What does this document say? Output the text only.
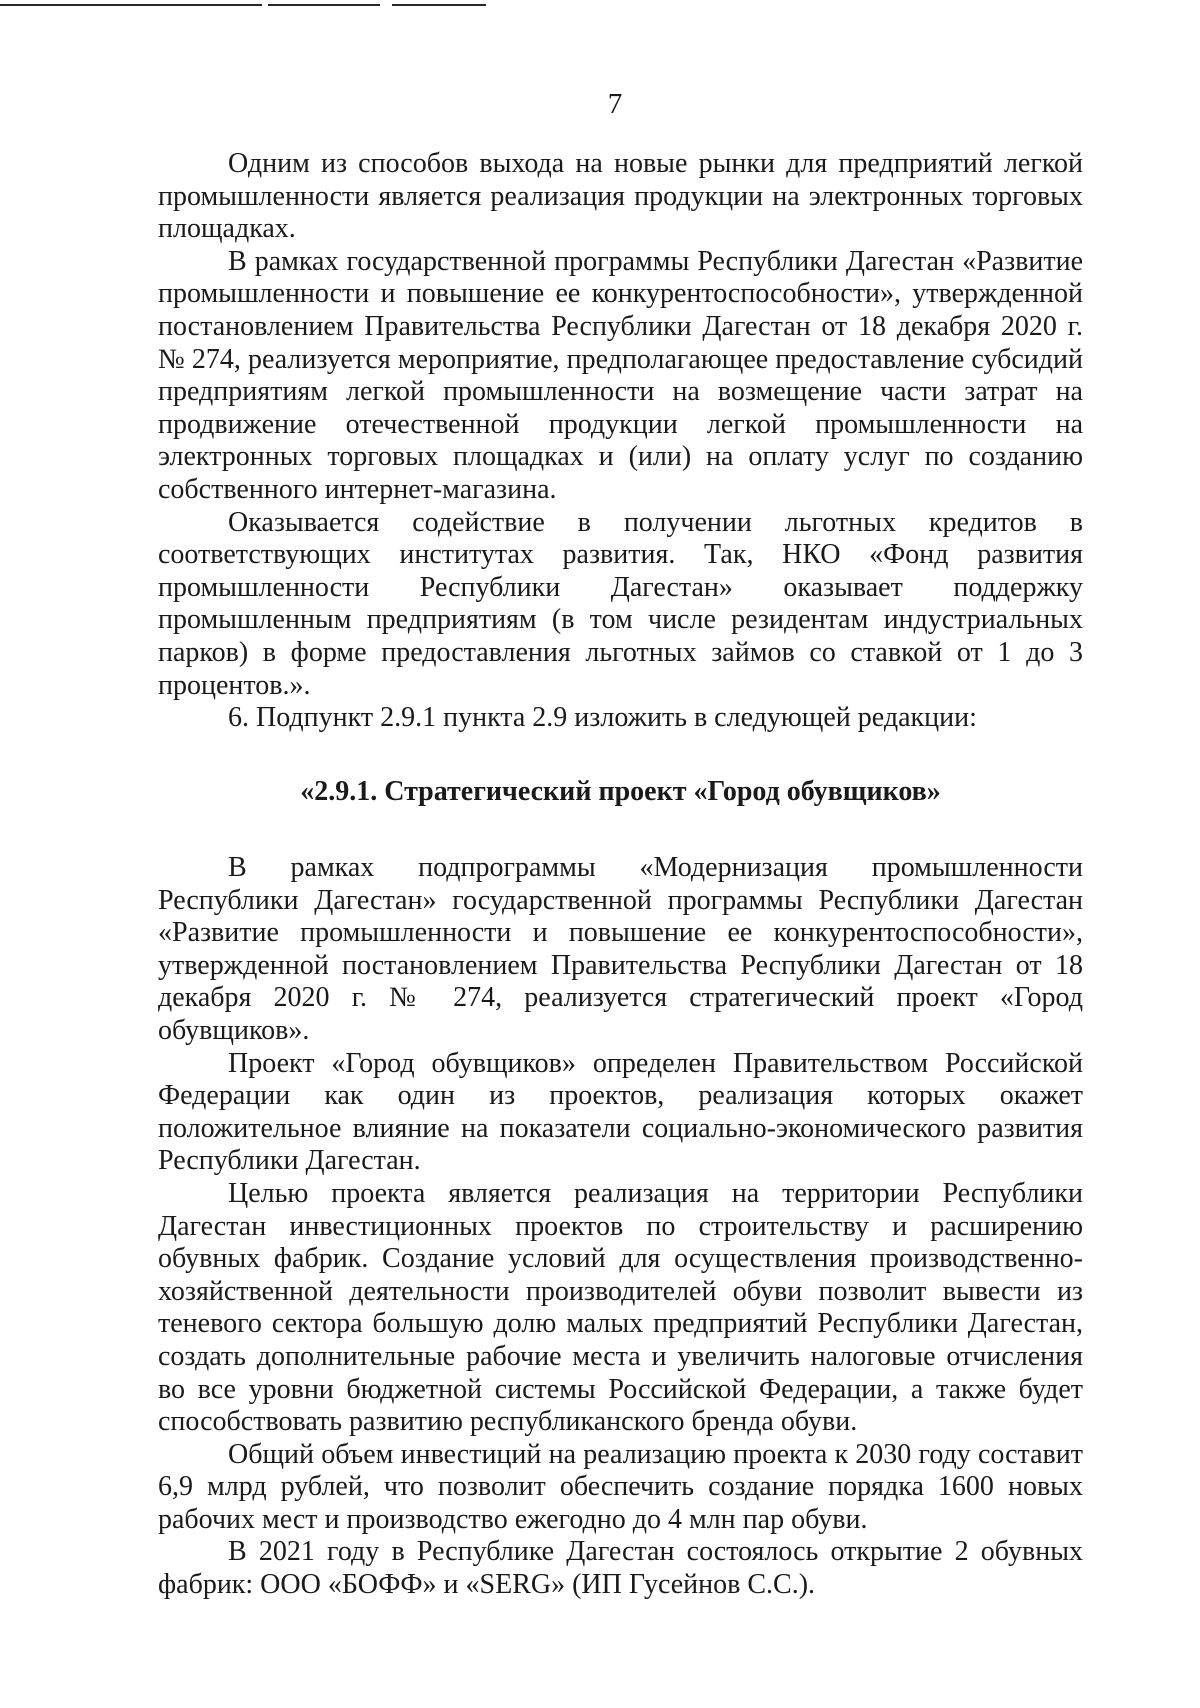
7

Одним из способов выхода на новые рынки для предприятий легкой промышленности является реализация продукции на электронных торговых площадках.

В рамках государственной программы Республики Дагестан «Развитие промышленности и повышение ее конкурентоспособности», утвержденной постановлением Правительства Республики Дагестан от 18 декабря 2020 г. № 274, реализуется мероприятие, предполагающее предоставление субсидий предприятиям легкой промышленности на возмещение части затрат на продвижение отечественной продукции легкой промышленности на электронных торговых площадках и (или) на оплату услуг по созданию собственного интернет-магазина.

Оказывается содействие в получении льготных кредитов в соответствующих институтах развития. Так, НКО «Фонд развития промышленности Республики Дагестан» оказывает поддержку промышленным предприятиям (в том числе резидентам индустриальных парков) в форме предоставления льготных займов со ставкой от 1 до 3 процентов.».

6. Подпункт 2.9.1 пункта 2.9 изложить в следующей редакции:

«2.9.1. Стратегический проект «Город обувщиков»

В рамках подпрограммы «Модернизация промышленности Республики Дагестан» государственной программы Республики Дагестан «Развитие промышленности и повышение ее конкурентоспособности», утвержденной постановлением Правительства Республики Дагестан от 18 декабря 2020 г. № 274, реализуется стратегический проект «Город обувщиков».

Проект «Город обувщиков» определен Правительством Российской Федерации как один из проектов, реализация которых окажет положительное влияние на показатели социально-экономического развития Республики Дагестан.

Целью проекта является реализация на территории Республики Дагестан инвестиционных проектов по строительству и расширению обувных фабрик. Создание условий для осуществления производственно-хозяйственной деятельности производителей обуви позволит вывести из теневого сектора большую долю малых предприятий Республики Дагестан, создать дополнительные рабочие места и увеличить налоговые отчисления во все уровни бюджетной системы Российской Федерации, а также будет способствовать развитию республиканского бренда обуви.

Общий объем инвестиций на реализацию проекта к 2030 году составит 6,9 млрд рублей, что позволит обеспечить создание порядка 1600 новых рабочих мест и производство ежегодно до 4 млн пар обуви.

В 2021 году в Республике Дагестан состоялось открытие 2 обувных фабрик: ООО «БОФФ» и «SERG» (ИП Гусейнов С.С.).
